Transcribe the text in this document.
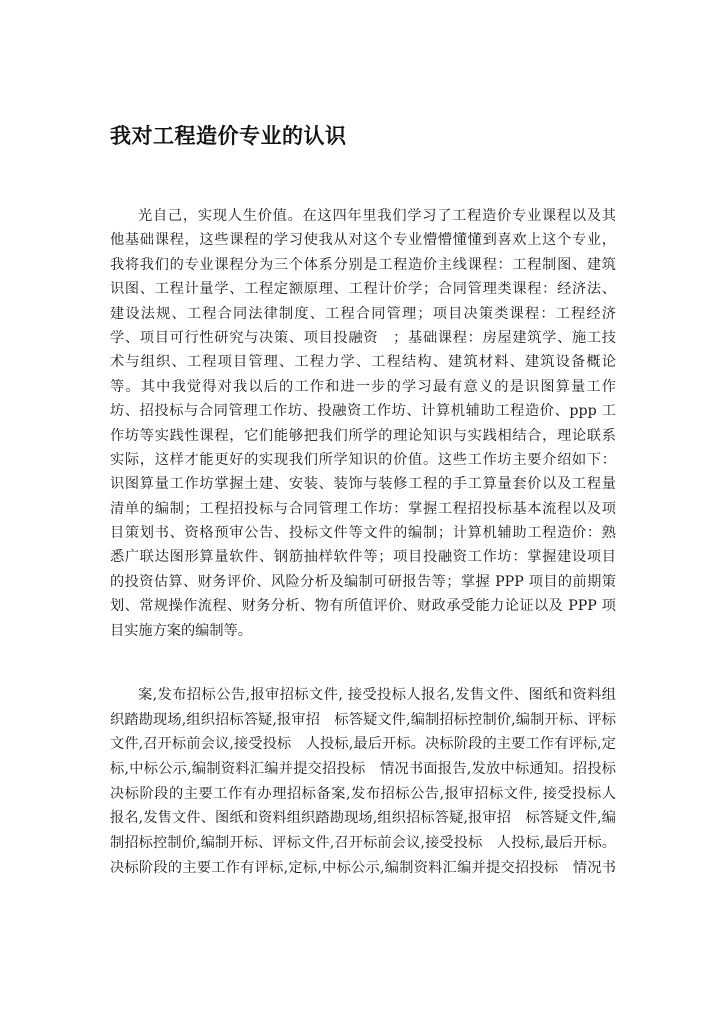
我对工程造价专业的认识
光自己，实现人生价值。在这四年里我们学习了工程造价专业课程以及其
他基础课程，这些课程的学习使我从对这个专业懵懵懂懂到喜欢上这个专业，
我将我们的专业课程分为三个体系分别是工程造价主线课程：工程制图、建筑
识图、工程计量学、工程定额原理、工程计价学；合同管理类课程：经济法、
建设法规、工程合同法律制度、工程合同管理；项目决策类课程：工程经济
学、项目可行性研究与决策、项目投融资　；基础课程：房屋建筑学、施工技
术与组织、工程项目管理、工程力学、工程结构、建筑材料、建筑设备概论
等。其中我觉得对我以后的工作和进一步的学习最有意义的是识图算量工作
坊、招投标与合同管理工作坊、投融资工作坊、计算机辅助工程造价、ppp 工
作坊等实践性课程，它们能够把我们所学的理论知识与实践相结合，理论联系
实际，这样才能更好的实现我们所学知识的价值。这些工作坊主要介绍如下：
识图算量工作坊掌握土建、安装、装饰与装修工程的手工算量套价以及工程量
清单的编制；工程招投标与合同管理工作坊：掌握工程招投标基本流程以及项
目策划书、资格预审公告、投标文件等文件的编制；计算机辅助工程造价：熟
悉广联达图形算量软件、钢筋抽样软件等；项目投融资工作坊：掌握建设项目
的投资估算、财务评价、风险分析及编制可研报告等；掌握 PPP 项目的前期策
划、常规操作流程、财务分析、物有所值评价、财政承受能力论证以及 PPP 项
目实施方案的编制等。
案,发布招标公告,报审招标文件, 接受投标人报名,发售文件、图纸和资料组
织踏勘现场,组织招标答疑,报审招　标答疑文件,编制招标控制价,编制开标、评标
文件,召开标前会议,接受投标　人投标,最后开标。决标阶段的主要工作有评标,定
标,中标公示,编制资料汇编并提交招投标　情况书面报告,发放中标通知。招投标
决标阶段的主要工作有办理招标备案,发布招标公告,报审招标文件, 接受投标人
报名,发售文件、图纸和资料组织踏勘现场,组织招标答疑,报审招　标答疑文件,编
制招标控制价,编制开标、评标文件,召开标前会议,接受投标　人投标,最后开标。
决标阶段的主要工作有评标,定标,中标公示,编制资料汇编并提交招投标　情况书
